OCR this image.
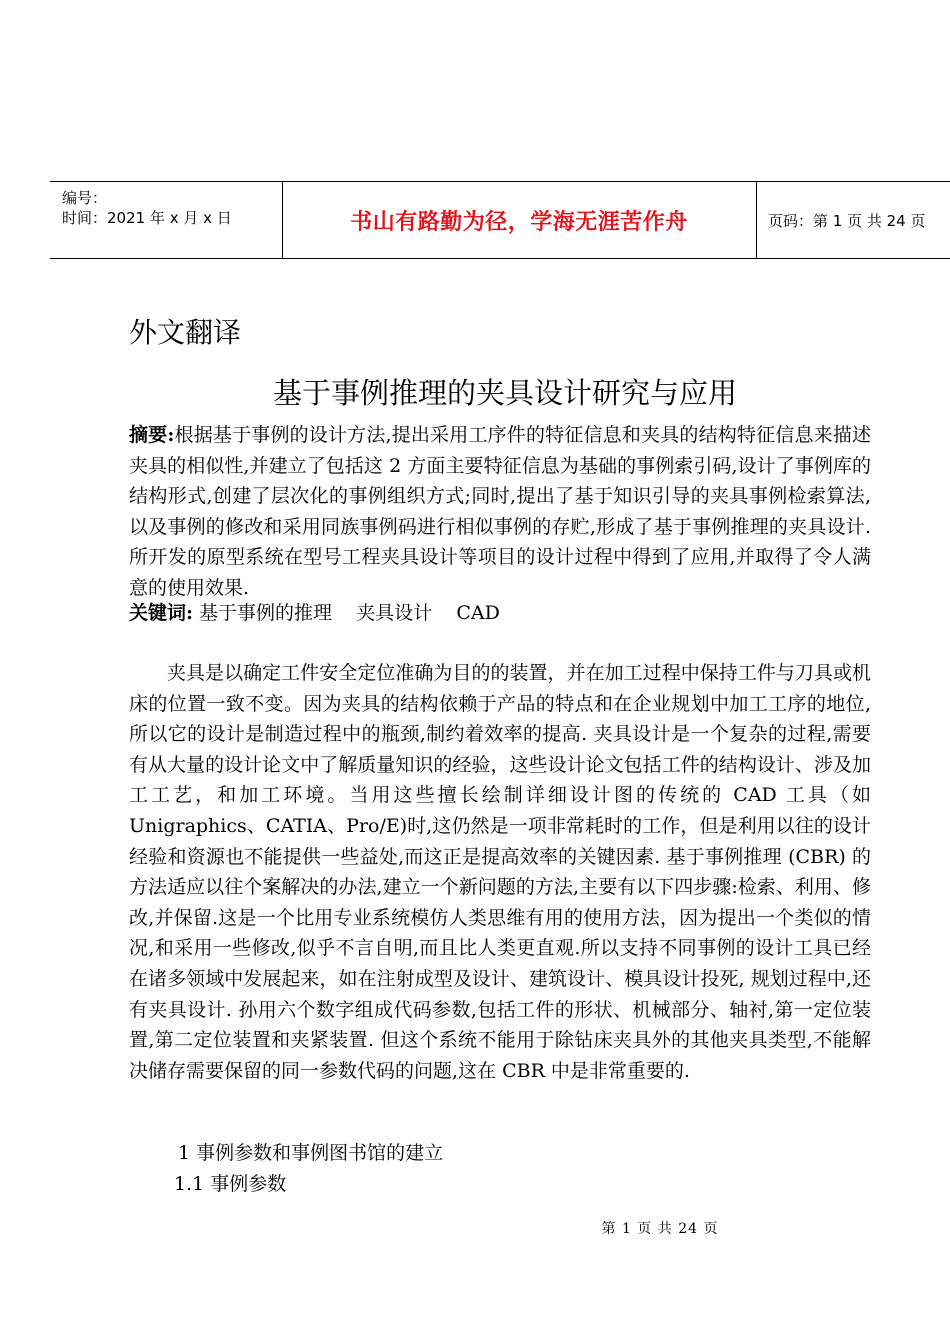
编号：
时间：2021 年 x 月 x 日	书山有路勤为径，学海无涯苦作舟	页码：第 1 页 共 24 页
外文翻译
基于事例推理的夹具设计研究与应用
摘要:根据基于事例的设计方法,提出采用工序件的特征信息和夹具的结构特征信息来描述夹具的相似性,并建立了包括这 2 方面主要特征信息为基础的事例索引码,设计了事例库的结构形式,创建了层次化的事例组织方式;同时,提出了基于知识引导的夹具事例检索算法,以及事例的修改和采用同族事例码进行相似事例的存贮,形成了基于事例推理的夹具设计.所开发的原型系统在型号工程夹具设计等项目的设计过程中得到了应用,并取得了令人满意的使用效果.
关键词: 基于事例的推理    夹具设计    CAD
夹具是以确定工件安全定位准确为目的的装置，并在加工过程中保持工件与刀具或机床的位置一致不变。因为夹具的结构依赖于产品的特点和在企业规划中加工工序的地位,所以它的设计是制造过程中的瓶颈,制约着效率的提高. 夹具设计是一个复杂的过程,需要有从大量的设计论文中了解质量知识的经验，这些设计论文包括工件的结构设计、涉及加工工艺，和加工环境。当用这些擅长绘制详细设计图的传统的 CAD 工具（如 Unigraphics、CATIA、Pro/E)时,这仍然是一项非常耗时的工作，但是利用以往的设计经验和资源也不能提供一些益处,而这正是提高效率的关键因素. 基于事例推理 (CBR) 的方法适应以往个案解决的办法,建立一个新问题的方法,主要有以下四步骤:检索、利用、修改,并保留.这是一个比用专业系统模仿人类思维有用的使用方法，因为提出一个类似的情况,和采用一些修改,似乎不言自明,而且比人类更直观.所以支持不同事例的设计工具已经在诸多领域中发展起来，如在注射成型及设计、建筑设计、模具设计投死, 规划过程中,还有夹具设计. 孙用六个数字组成代码参数,包括工件的形状、机械部分、轴衬,第一定位装置,第二定位装置和夹紧装置. 但这个系统不能用于除钻床夹具外的其他夹具类型,不能解决储存需要保留的同一参数代码的问题,这在 CBR 中是非常重要的.
1 事例参数和事例图书馆的建立
1.1 事例参数
第 1 页 共 24 页
